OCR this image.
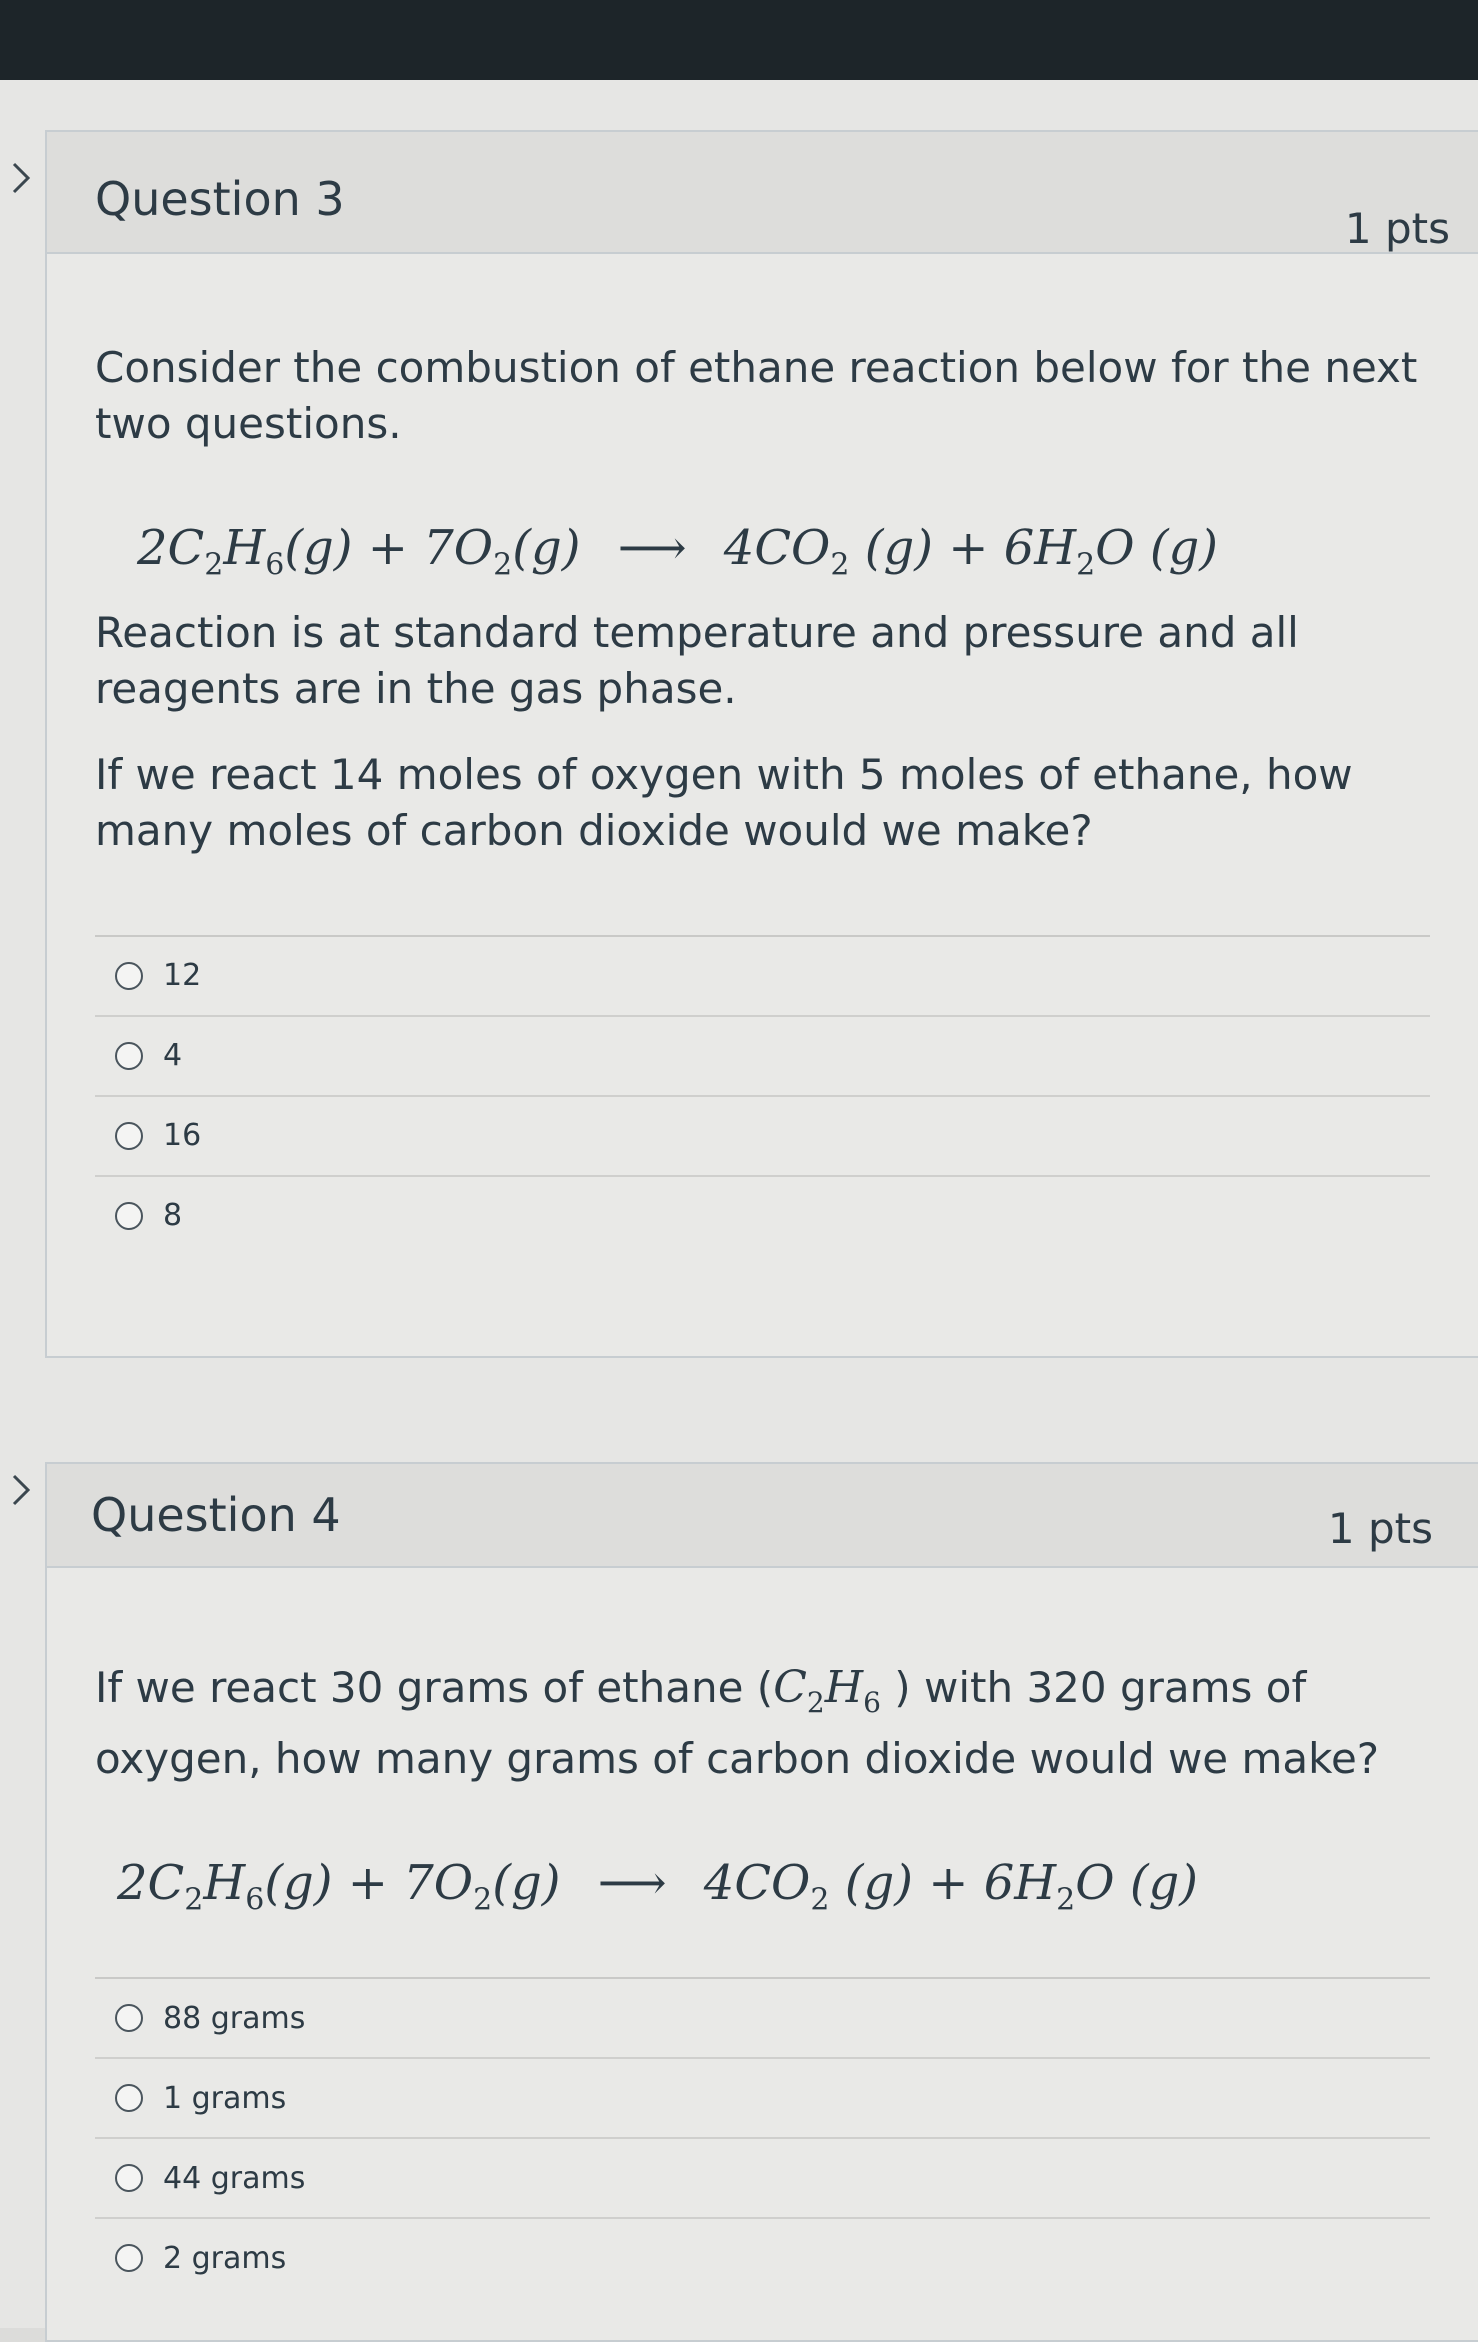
Question 3
1 pts

Consider the combustion of ethane reaction below for the next two questions.

$2C_2H_6(g) + 7O_2(g)$ ⟶ $4CO_2$ $(g) + 6H_2O$ (g)

Reaction is at standard temperature and pressure and all reagents are in the gas phase.

If we react 14 moles of oxygen with 5 moles of ethane, how many moles of carbon dioxide would we make?

12
4
16
8
Question 4	1 pts

If we react 30 grams of ethane ($C_2H_6$ ) with 320 grams of oxygen, how many grams of carbon dioxide would we make?

$2C_2H_6(g) + 7O_2(g)$ ⟶ $4CO_2$ $(g) + 6H_2O$ (g)
88 grams
1 grams
44 grams
2 grams
